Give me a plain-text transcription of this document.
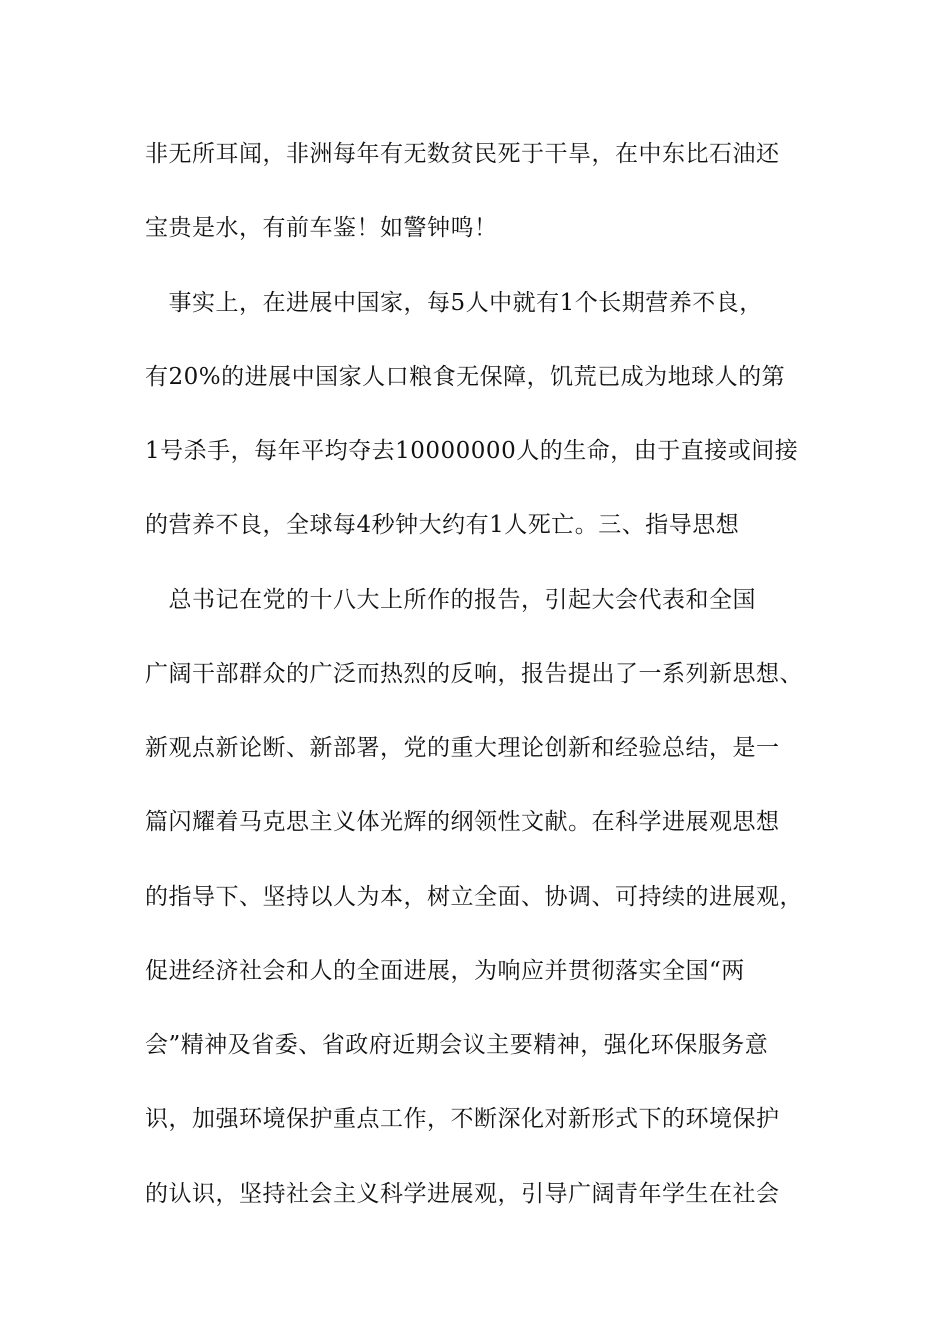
非无所耳闻，非洲每年有无数贫民死于干旱，在中东比石油还
宝贵是水，有前车鉴！如警钟鸣！
　事实上，在进展中国家，每5人中就有1个长期营养不良，
有20%的进展中国家人口粮食无保障，饥荒已成为地球人的第
1号杀手，每年平均夺去10000000人的生命，由于直接或间接
的营养不良，全球每4秒钟大约有1人死亡。三、指导思想
　总书记在党的十八大上所作的报告，引起大会代表和全国
广阔干部群众的广泛而热烈的反响，报告提出了一系列新思想、
新观点新论断、新部署，党的重大理论创新和经验总结，是一
篇闪耀着马克思主义体光辉的纲领性文献。在科学进展观思想
的指导下、坚持以人为本，树立全面、协调、可持续的进展观，
促进经济社会和人的全面进展，为响应并贯彻落实全国“两
会”精神及省委、省政府近期会议主要精神，强化环保服务意
识，加强环境保护重点工作，不断深化对新形式下的环境保护
的认识，坚持社会主义科学进展观，引导广阔青年学生在社会
